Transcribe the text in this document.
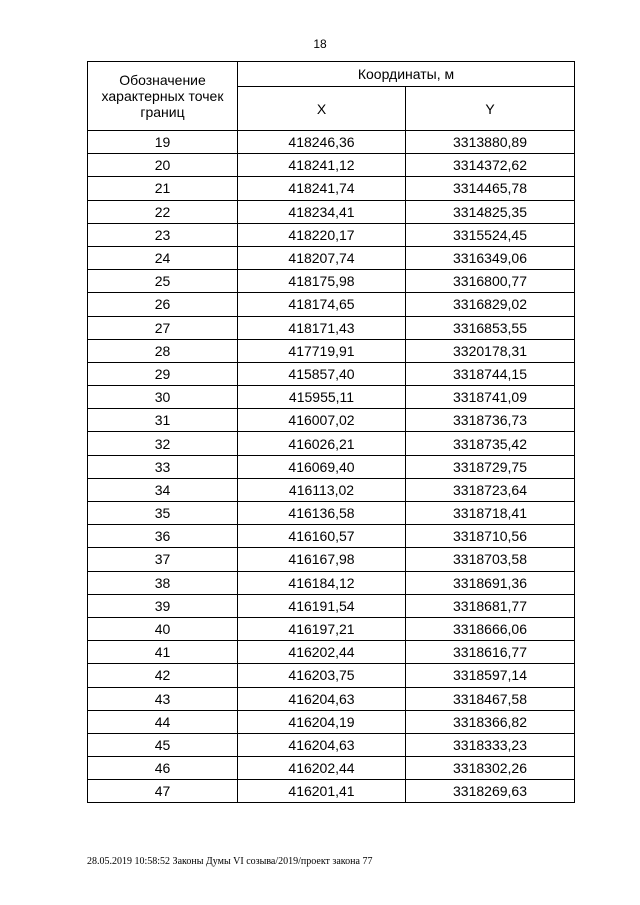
18
Обозначение характерных точек границ	Координаты, м	
	X	Y
19	418246,36	3313880,89
20	418241,12	3314372,62
21	418241,74	3314465,78
22	418234,41	3314825,35
23	418220,17	3315524,45
24	418207,74	3316349,06
25	418175,98	3316800,77
26	418174,65	3316829,02
27	418171,43	3316853,55
28	417719,91	3320178,31
29	415857,40	3318744,15
30	415955,11	3318741,09
31	416007,02	3318736,73
32	416026,21	3318735,42
33	416069,40	3318729,75
34	416113,02	3318723,64
35	416136,58	3318718,41
36	416160,57	3318710,56
37	416167,98	3318703,58
38	416184,12	3318691,36
39	416191,54	3318681,77
40	416197,21	3318666,06
41	416202,44	3318616,77
42	416203,75	3318597,14
43	416204,63	3318467,58
44	416204,19	3318366,82
45	416204,63	3318333,23
46	416202,44	3318302,26
47	416201,41	3318269,63
28.05.2019 10:58:52 Законы Думы VI созыва/2019/проект закона 77
